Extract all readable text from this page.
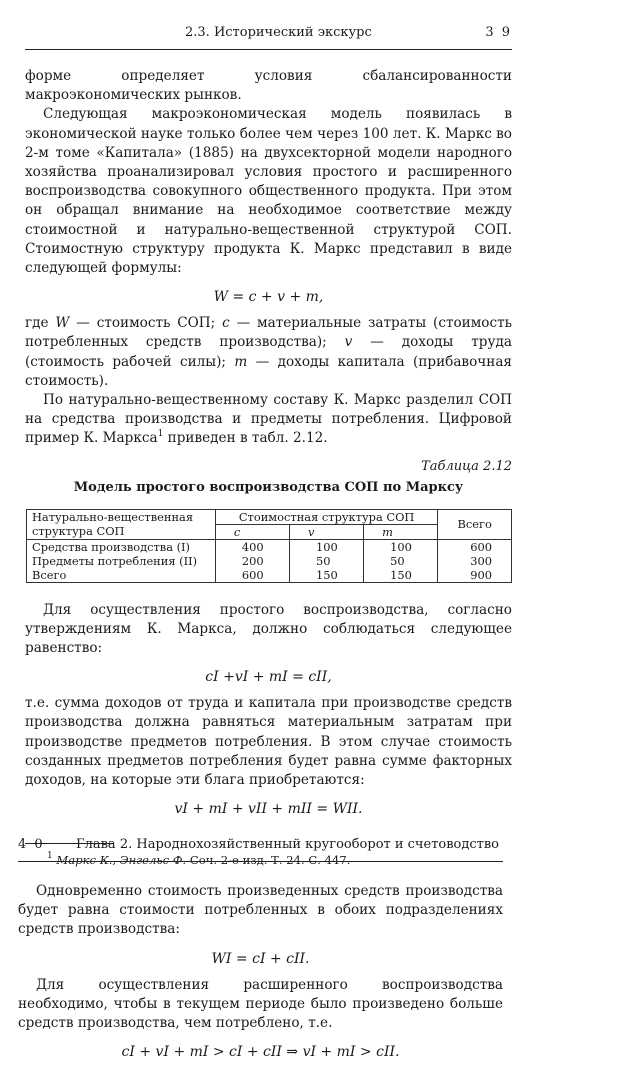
2.3. Исторический экскурс	3 9

форме определяет условия сбалансированности макроэкономических рынков.

Следующая макроэкономическая модель появилась в экономической науке только более чем через 100 лет. К. Маркс во 2-м томе «Капитала» (1885) на двухсекторной модели народного хозяйства проанализировал условия простого и расширенного воспроизводства совокупного общественного продукта. При этом он обращал внимание на необходимое соответствие между стоимостной и натурально-вещественной структурой СОП. Стоимостную структуру продукта К. Маркс представил в виде следующей формулы:

W = c + v + m,

где W — стоимость СОП; c — материальные затраты (стоимость потребленных средств производства); v — доходы труда (стоимость рабочей силы); m — доходы капитала (прибавочная стоимость).

По натурально-вещественному составу К. Маркс разделил СОП на средства производства и предметы потребления. Цифровой пример К. Маркса$^1$ приведен в табл. 2.12.

Таблица 2.12
Модель простого воспроизводства СОП по Марксу
Натурально-вещественная структура СОП	Стоимостная структура СОП			Всего
	c	v	m	
Средства производства (I)	400	100	100	600
Предметы потребления (II)	200	50	50	300
Всего	600	150	150	900

Для осуществления простого воспроизводства, согласно утверждениям К. Маркса, должно соблюдаться следующее равенство:

cI +vI + mI = cII,

т.е. сумма доходов от труда и капитала при производстве средств производства должна равняться материальным затратам при производстве предметов потребления. В этом случае стоимость созданных предметов потребления будет равна сумме факторных доходов, на которые эти блага приобретаются:

vI + mI + vII + mII = WII.
$^1$ Маркс К., Энгельс Ф. Соч. 2-е изд. Т. 24. С. 447.
4 0 Глава 2. Народнохозяйственный кругооборот и счетоводство

Одновременно стоимость произведенных средств производства будет равна стоимости потребленных в обоих подразделениях средств производства:

WI = cI + cII.

Для осуществления расширенного воспроизводства необходимо, чтобы в текущем периоде было произведено больше средств производства, чем потреблено, т.е.

cI + vI + mI > cI + cII ⇒ vI + mI > cII.
